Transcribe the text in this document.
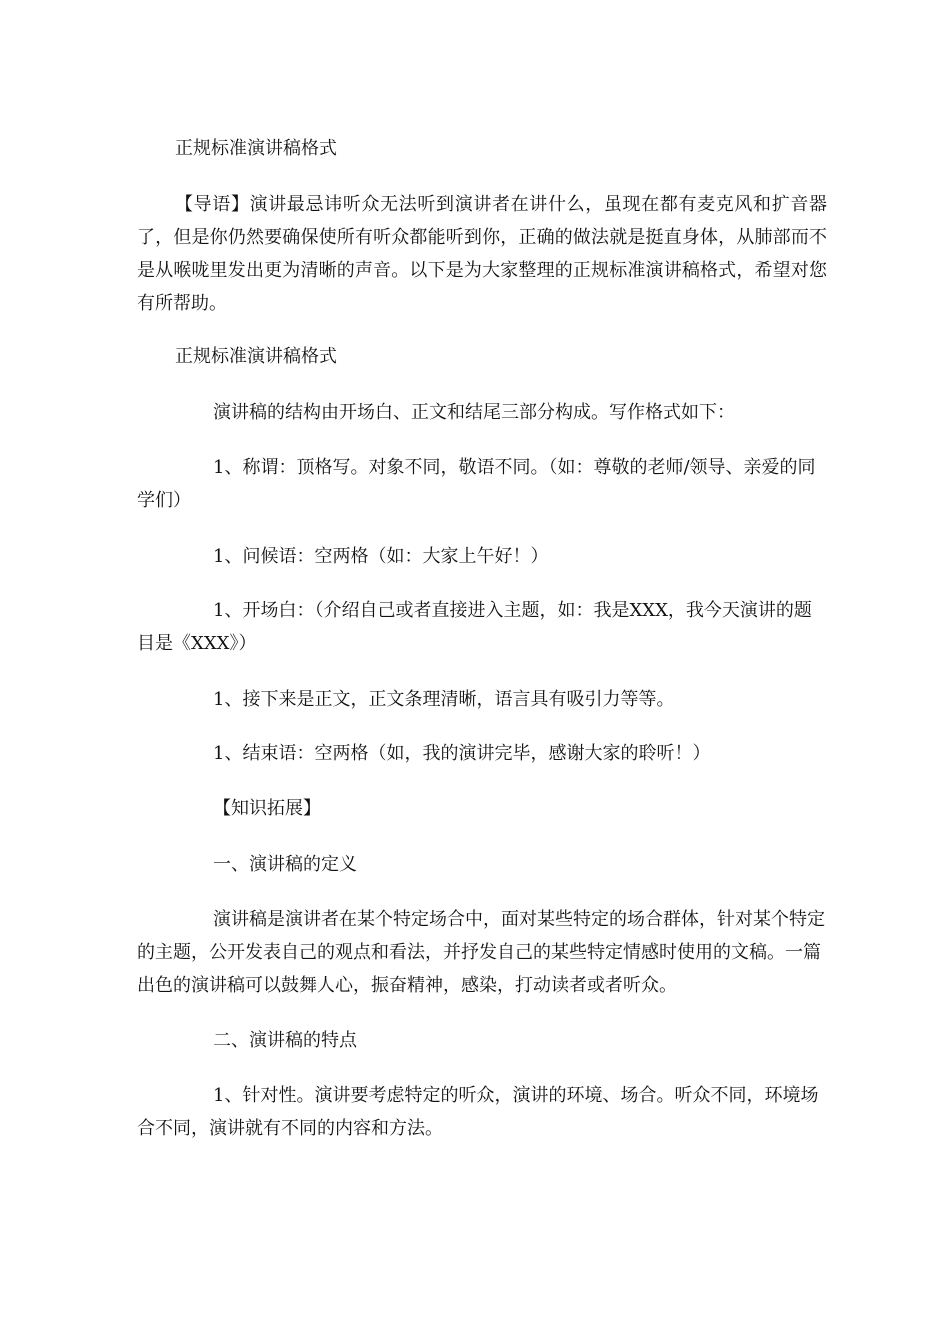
正规标准演讲稿格式

【导语】演讲最忌讳听众无法听到演讲者在讲什么，虽现在都有麦克风和扩音器了，但是你仍然要确保使所有听众都能听到你，正确的做法就是挺直身体，从肺部而不是从喉咙里发出更为清晰的声音。以下是为大家整理的正规标准演讲稿格式，希望对您有所帮助。

正规标准演讲稿格式

演讲稿的结构由开场白、正文和结尾三部分构成。写作格式如下：

1、称谓：顶格写。对象不同，敬语不同。（如：尊敬的老师/领导、亲爱的同学们）

1、问候语：空两格（如：大家上午好！）

1、开场白：（介绍自己或者直接进入主题，如：我是XXX，我今天演讲的题目是《XXX》）

1、接下来是正文，正文条理清晰，语言具有吸引力等等。

1、结束语：空两格（如，我的演讲完毕，感谢大家的聆听！）

【知识拓展】

一、演讲稿的定义

演讲稿是演讲者在某个特定场合中，面对某些特定的场合群体，针对某个特定的主题，公开发表自己的观点和看法，并抒发自己的某些特定情感时使用的文稿。一篇出色的演讲稿可以鼓舞人心，振奋精神，感染，打动读者或者听众。

二、演讲稿的特点

1、针对性。演讲要考虑特定的听众，演讲的环境、场合。听众不同，环境场合不同，演讲就有不同的内容和方法。
